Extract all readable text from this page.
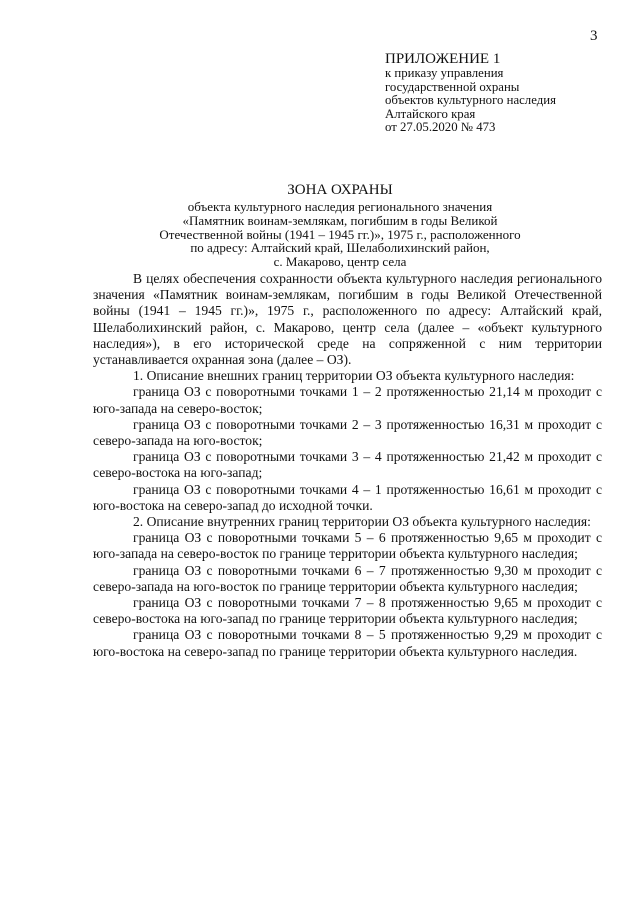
3
ПРИЛОЖЕНИЕ 1
к приказу управления
государственной охраны
объектов культурного наследия
Алтайского края
от 27.05.2020 № 473
ЗОНА ОХРАНЫ
объекта культурного наследия регионального значения
«Памятник воинам-землякам, погибшим в годы Великой
Отечественной войны (1941 – 1945 гг.)», 1975 г., расположенного
по адресу: Алтайский край, Шелаболихинский район,
с. Макарово, центр села

В целях обеспечения сохранности объекта культурного наследия регионального значения «Памятник воинам-землякам, погибшим в годы Великой Отечественной войны (1941 – 1945 гг.)», 1975 г., расположенного по адресу: Алтайский край, Шелаболихинский район, с. Макарово, центр села (далее – «объект культурного наследия»), в его исторической среде на сопряженной с ним территории устанавливается охранная зона (далее – ОЗ).

1. Описание внешних границ территории ОЗ объекта культурного наследия:

граница ОЗ с поворотными точками 1 – 2 протяженностью 21,14 м проходит с юго-запада на северо-восток;

граница ОЗ с поворотными точками 2 – 3 протяженностью 16,31 м проходит с северо-запада на юго-восток;

граница ОЗ с поворотными точками 3 – 4 протяженностью 21,42 м проходит с северо-востока на юго-запад;

граница ОЗ с поворотными точками 4 – 1 протяженностью 16,61 м проходит с юго-востока на северо-запад до исходной точки.

2. Описание внутренних границ территории ОЗ объекта культурного наследия:

граница ОЗ с поворотными точками 5 – 6 протяженностью 9,65 м проходит с юго-запада на северо-восток по границе территории объекта культурного наследия;

граница ОЗ с поворотными точками 6 – 7 протяженностью 9,30 м проходит с северо-запада на юго-восток по границе территории объекта культурного наследия;

граница ОЗ с поворотными точками 7 – 8 протяженностью 9,65 м проходит с северо-востока на юго-запад по границе территории объекта культурного наследия;

граница ОЗ с поворотными точками 8 – 5 протяженностью 9,29 м проходит с юго-востока на северо-запад по границе территории объекта культурного наследия.
